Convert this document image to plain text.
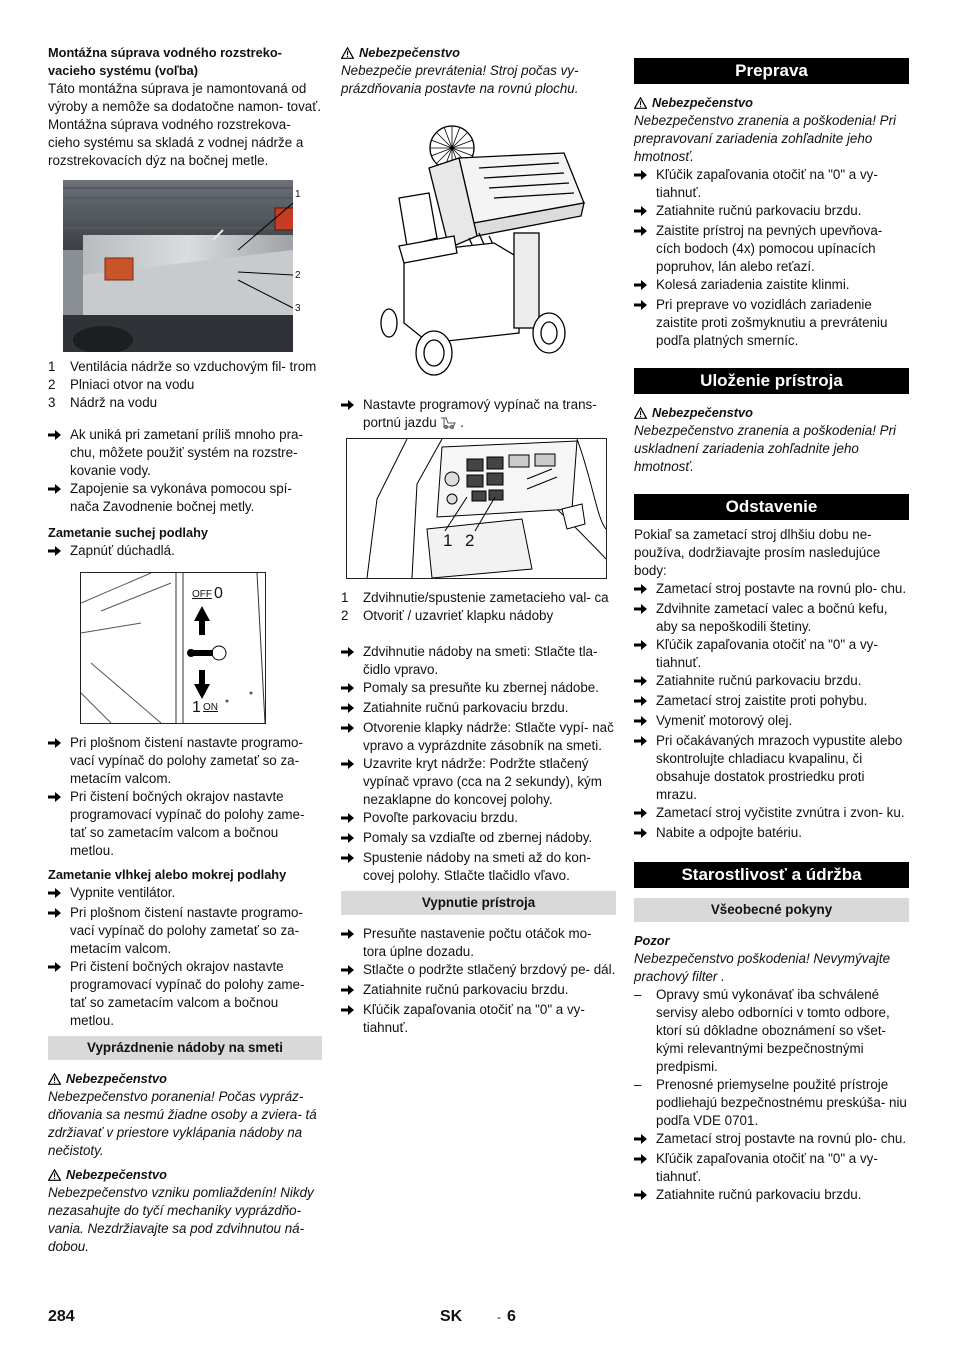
Montážna súprava vodného rozstreko- vacieho systému (voľba)

Táto montážna súprava je namontovaná od výroby a nemôže sa dodatočne namon- tovať.

Montážna súprava vodného rozstrekova- cieho systému sa skladá z vodnej nádrže a rozstrekovacích dýz na bočnej metle.

1
2
3
1	Ventilácia nádrže so vzduchovým fil- trom
2	Plniaci otvor na vodu
3	Nádrž na vodu
Ak uniká pri zametaní príliš mnoho pra- chu, môžete použiť systém na rozstre- kovanie vody.
Zapojenie sa vykonáva pomocou spí- nača Zavodnenie bočnej metly.

Zametanie suchej podlahy

Zapnúť dúchadlá.
OFF 0
1 ON
Pri plošnom čistení nastavte programo- vací vypínač do polohy zametať so za- metacím valcom.
Pri čistení bočných okrajov nastavte programovací vypínač do polohy zame- tať so zametacím valcom a bočnou metlou.

Zametanie vlhkej alebo mokrej podlahy

Vypnite ventilátor.
Pri plošnom čistení nastavte programo- vací vypínač do polohy zametať so za- metacím valcom.
Pri čistení bočných okrajov nastavte programovací vypínač do polohy zame- tať so zametacím valcom a bočnou metlou.
Vyprázdnenie nádoby na smeti
Nebezpečenstvo

Nebezpečenstvo poranenia! Počas vypráz- dňovania sa nesmú žiadne osoby a zviera- tá zdržiavať v priestore vyklápania nádoby na nečistoty.

Nebezpečenstvo

Nebezpečenstvo vzniku pomliaždenín! Nikdy nezasahujte do tyčí mechaniky vyprázdňo- vania. Nezdržiavajte sa pod zdvihnutou ná- dobou.

Nebezpečenstvo

Nebezpečie prevrátenia! Stroj počas vy- prázdňovania postavte na rovnú plochu.

Nastavte programový vypínač na trans- portnú jazdu  .
1 2
1	Zdvihnutie/spustenie zametacieho val- ca
2	Otvoriť / uzavrieť klapku nádoby
Zdvihnutie nádoby na smeti: Stlačte tla- čidlo vpravo.
Pomaly sa presuňte ku zbernej nádobe.
Zatiahnite ručnú parkovaciu brzdu.
Otvorenie klapky nádrže: Stlačte vypí- nač vpravo a vyprázdnite zásobník na smeti.
Uzavrite kryt nádrže: Podržte stlačený vypínač vpravo (cca na 2 sekundy), kým nezaklapne do koncovej polohy.
Povoľte parkovaciu brzdu.
Pomaly sa vzdiaľte od zbernej nádoby.
Spustenie nádoby na smeti až do kon- covej polohy. Stlačte tlačidlo vľavo.
Vypnutie prístroja
Presuňte nastavenie počtu otáčok mo- tora úplne dozadu.
Stlačte o podržte stlačený brzdový pe- dál.
Zatiahnite ručnú parkovaciu brzdu.
Kľúčik zapaľovania otočiť na "0" a vy- tiahnuť.
Preprava
Nebezpečenstvo

Nebezpečenstvo zranenia a poškodenia! Pri prepravovaní zariadenia zohľadnite jeho hmotnosť.

Kľúčik zapaľovania otočiť na "0" a vy- tiahnuť.
Zatiahnite ručnú parkovaciu brzdu.
Zaistite prístroj na pevných upevňova- cích bodoch (4x) pomocou upínacích popruhov, lán alebo reťazí.
Kolesá zariadenia zaistite klinmi.
Pri preprave vo vozidlách zariadenie zaistite proti zošmyknutiu a prevráteniu podľa platných smerníc.
Uloženie prístroja
Nebezpečenstvo

Nebezpečenstvo zranenia a poškodenia! Pri uskladnení zariadenia zohľadnite jeho hmotnosť.

Odstavenie

Pokiaľ sa zametací stroj dlhšiu dobu ne- používa, dodržiavajte prosím nasledujúce body:

Zametací stroj postavte na rovnú plo- chu.
Zdvihnite zametací valec a bočnú kefu, aby sa nepoškodili štetiny.
Kľúčik zapaľovania otočiť na "0" a vy- tiahnuť.
Zatiahnite ručnú parkovaciu brzdu.
Zametací stroj zaistite proti pohybu.
Vymeniť motorový olej.
Pri očakávaných mrazoch vypustite alebo skontrolujte chladiacu kvapalinu, či obsahuje dostatok prostriedku proti mrazu.
Zametací stroj vyčistite zvnútra i zvon- ku.
Nabite a odpojte batériu.
Starostlivosť a údržba
Všeobecné pokyny

Pozor

Nebezpečenstvo poškodenia! Nevymývajte prachový filter .

–	Opravy smú vykonávať iba schválené servisy alebo odborníci v tomto odbore, ktorí sú dôkladne oboznámení so všet- kými relevantnými bezpečnostnými predpismi.
–	Prenosné priemyselne použité prístroje podliehajú bezpečnostnému preskúša- niu podľa VDE 0701.
Zametací stroj postavte na rovnú plo- chu.
Kľúčik zapaľovania otočiť na "0" a vy- tiahnuť.
Zatiahnite ručnú parkovaciu brzdu.
284	SK	- 6
